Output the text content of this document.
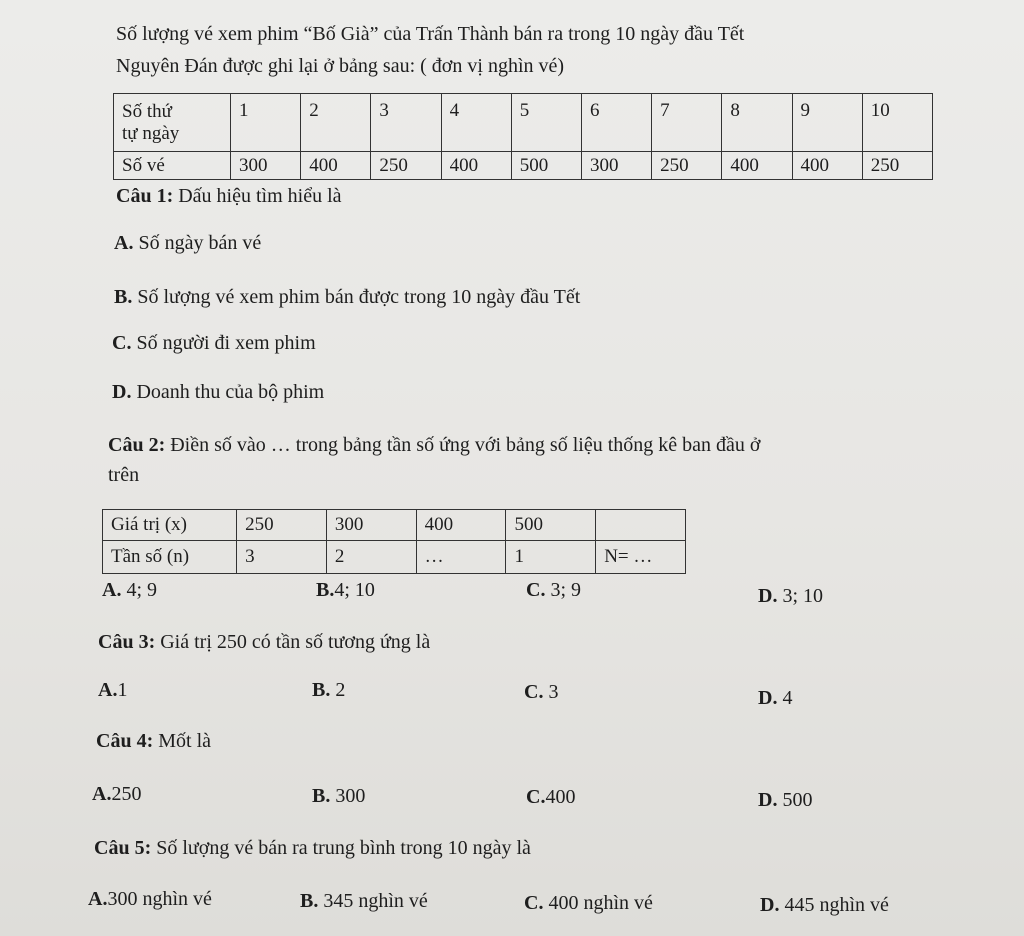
Số lượng vé xem phim “Bố Già” của Trấn Thành bán ra trong 10 ngày đầu Tết
Nguyên Đán được ghi lại ở bảng sau: ( đơn vị nghìn vé)
Số thứ
tự ngày	1	2	3	4	5	6	7	8	9	10
Số vé	300	400	250	400	500	300	250	400	400	250
Câu 1: Dấu hiệu tìm hiểu là
A. Số ngày bán vé
B. Số lượng vé xem phim bán được trong 10 ngày đầu Tết
C. Số người đi xem phim
D. Doanh thu của bộ phim
Câu 2: Điền số vào … trong bảng tần số ứng với bảng số liệu thống kê ban đầu ở
trên
Giá trị (x)	250	300	400	500	
Tần số (n)	3	2	…	1	N= …
A. 4; 9	B.4; 10	C. 3; 9	D. 3; 10
Câu 3: Giá trị 250 có tần số tương ứng là
A.1	B. 2	C. 3	D. 4
Câu 4: Mốt là
A.250	B. 300	C.400	D. 500
Câu 5: Số lượng vé bán ra trung bình trong 10 ngày là
A.300 nghìn vé	B. 345 nghìn vé	C. 400 nghìn vé	D. 445 nghìn vé
